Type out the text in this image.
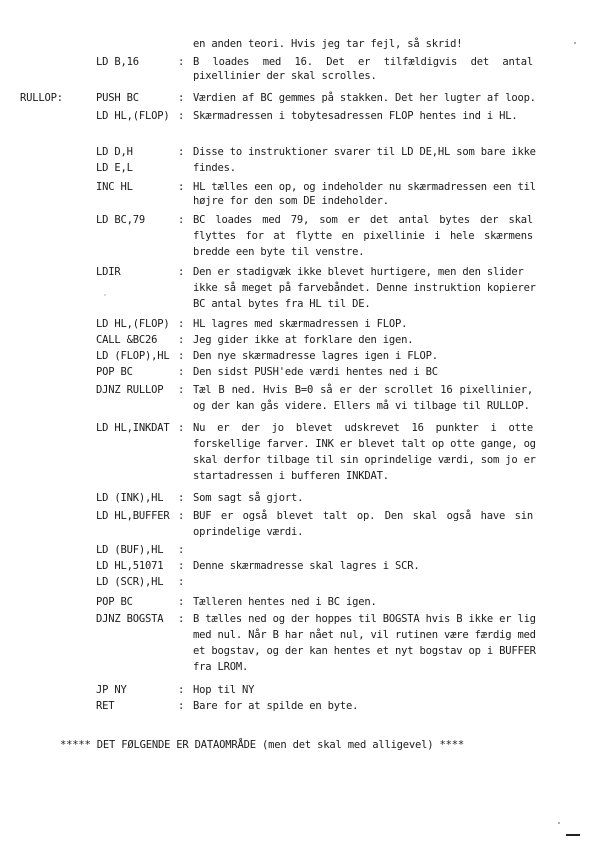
en anden teori. Hvis jeg tar fejl, så skrid!
LD B,16	: B loades med 16. Det er tilfældigvis det antal
pixellinier der skal scrolles.
RULLOP:	PUSH BC	: Værdien af BC gemmes på stakken. Det her lugter af loop.
LD HL,(FLOP) : Skærmadressen i tobytesadressen FLOP hentes ind i HL.
LD D,H	: Disse to instruktioner svarer til LD DE,HL som bare ikke
LD E,L	findes.
INC HL	: HL tælles een op, og indeholder nu skærmadressen een til
højre for den som DE indeholder.
LD BC,79	: BC loades med 79, som er det antal bytes der skal
flyttes for at flytte en pixellinie i hele skærmens
bredde een byte til venstre.
LDIR	: Den er stadigvæk ikke blevet hurtigere, men den slider
ikke så meget på farvebåndet. Denne instruktion kopierer
BC antal bytes fra HL til DE.
LD HL,(FLOP) : HL lagres med skærmadressen i FLOP.
CALL &BC26 : Jeg gider ikke at forklare den igen.
LD (FLOP),HL : Den nye skærmadresse lagres igen i FLOP.
POP BC	: Den sidst PUSH'ede værdi hentes ned i BC
DJNZ RULLOP : Tæl B ned. Hvis B=0 så er der scrollet 16 pixellinier,
og der kan gås videre. Ellers må vi tilbage til RULLOP.
LD HL,INKDAT : Nu er der jo blevet udskrevet 16 punkter i otte
forskellige farver. INK er blevet talt op otte gange, og
skal derfor tilbage til sin oprindelige værdi, som jo er
startadressen i bufferen INKDAT.
LD (INK),HL : Som sagt så gjort.
LD HL,BUFFER : BUF er også blevet talt op. Den skal også have sin
oprindelige værdi.
LD (BUF),HL :
LD HL,51071 : Denne skærmadresse skal lagres i SCR.
LD (SCR),HL :
POP BC	: Tælleren hentes ned i BC igen.
DJNZ BOGSTA : B tælles ned og der hoppes til BOGSTA hvis B ikke er lig
med nul. Når B har nået nul, vil rutinen være færdig med
et bogstav, og der kan hentes et nyt bogstav op i BUFFER
fra LROM.
JP NY	: Hop til NY
RET	: Bare for at spilde en byte.
***** DET FØLGENDE ER DATAOMRÅDE (men det skal med alligevel) ****
